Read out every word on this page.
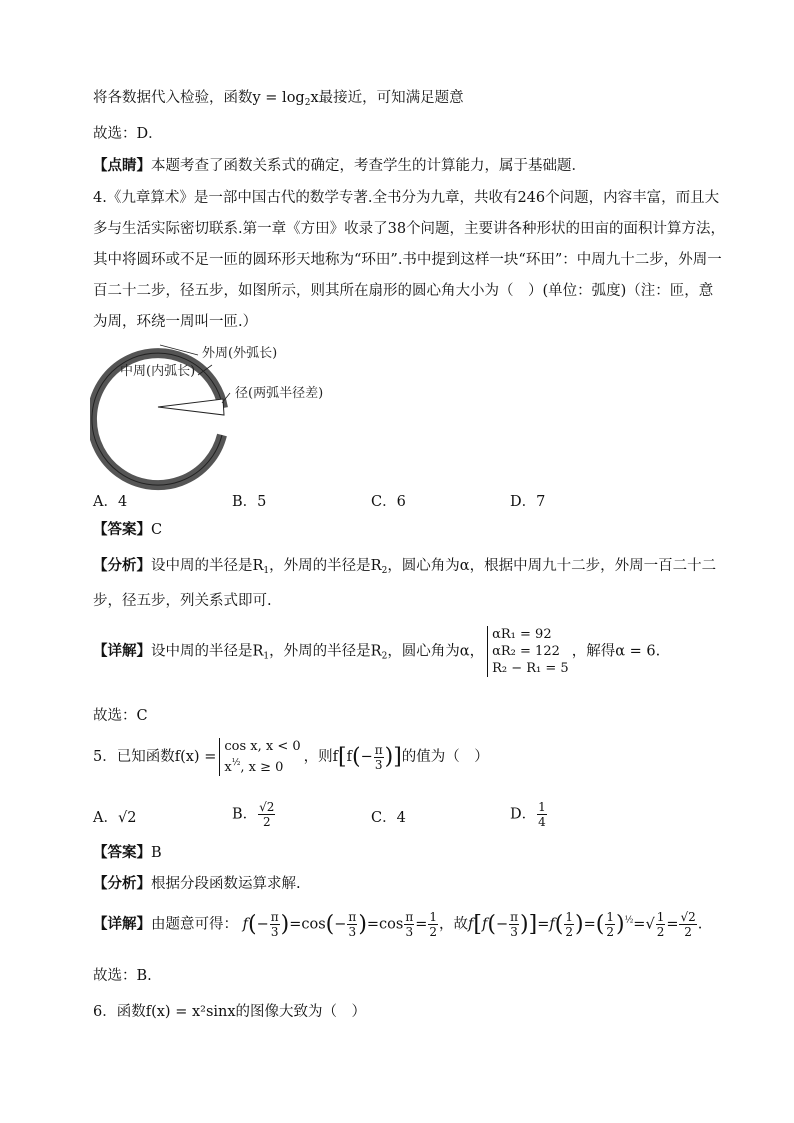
将各数据代入检验，函数$y = \log_2x$最接近，可知满足题意
故选：D．
【点睛】本题考查了函数关系式的确定，考查学生的计算能力，属于基础题．
4.《九章算术》是一部中国古代的数学专著.全书分为九章，共收有246个问题，内容丰富，而且大
多与生活实际密切联系.第一章《方田》收录了38个问题，主要讲各种形状的田亩的面积计算方法，
其中将圆环或不足一匝的圆环形天地称为“环田”.书中提到这样一块“环田”：中周九十二步，外周一
百二十二步，径五步，如图所示，则其所在扇形的圆心角大小为（　）(单位：弧度)（注：匝，意
为周，环绕一周叫一匝.）
外周(外弧长)
中周(内弧长)
径(两弧半径差)
A．4	B．5	C．6	D．7
【答案】C
【分析】设中周的半径是$R_1$，外周的半径是$R_2$，圆心角为α，根据中周九十二步，外周一百二十二
步，径五步，列关系式即可.
【详解】设中周的半径是$R_1$，外周的半径是$R_2$，圆心角为α，
αR₁ = 92
αR₂ = 122
R₂ − R₁ = 5
，解得α = 6.
故选：C
5．已知函数f(x) =
cos x, x < 0
$x^{\frac{1}{2}}$, x ≥ 0
，则$f[f(- \frac{\pi}{3}$ )]的值为（　）
A．√2	B． $\frac{√2}{2}$	C．4	D． $\frac{1}{4}$
【答案】B
【分析】根据分段函数运算求解.
【详解】由题意可得： $f(- \frac{\pi}{3} )=\cos(- \frac{\pi}{3} )=\cos \frac{\pi}{3} = \frac{1}{2}$ ，故$f[f(- \frac{\pi}{3} )]=f( \frac{1}{2}$ )=( $\frac{1}{2} )^{\frac{1}{2}}=√ \frac{1}{2} = \frac{√2}{2}$ .
故选：B.
6．函数f(x) = x²sinx的图像大致为（　）
